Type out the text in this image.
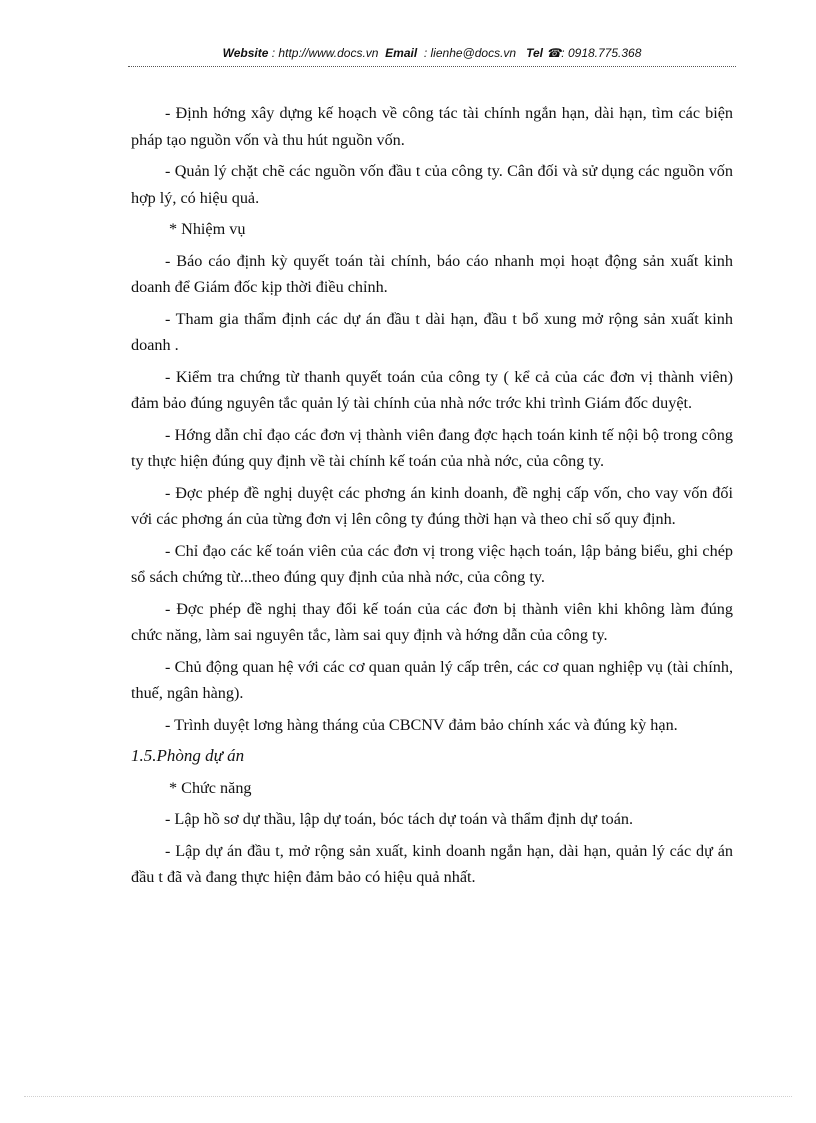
Website : http://www.docs.vn Email : lienhe@docs.vn Tel ☎: 0918.775.368

- Định hớng xây dựng kế hoạch về công tác tài chính ngắn hạn, dài hạn, tìm các biện pháp tạo nguồn vốn và thu hút nguồn vốn.

- Quản lý chặt chẽ các nguồn vốn đầu t của công ty. Cân đối và sử dụng các nguồn vốn hợp lý, có hiệu quả.

* Nhiệm vụ

- Báo cáo định kỳ quyết toán tài chính, báo cáo nhanh mọi hoạt động sản xuất kinh doanh để Giám đốc kịp thời điều chỉnh.

- Tham gia thẩm định các dự án đầu t dài hạn, đầu t bổ xung mở rộng sản xuất kinh doanh .

- Kiểm tra chứng từ thanh quyết toán của công ty ( kể cả của các đơn vị thành viên) đảm bảo đúng nguyên tắc quản lý tài chính của nhà nớc trớc khi trình Giám đốc duyệt.

- Hớng dẫn chỉ đạo các đơn vị thành viên đang đợc hạch toán kinh tế nội bộ trong công ty thực hiện đúng quy định về tài chính kế toán của nhà nớc, của công ty.

- Đợc phép đề nghị duyệt các phơng án kinh doanh, đề nghị cấp vốn, cho vay vốn đối với các phơng án của từng đơn vị lên công ty đúng thời hạn và theo chỉ số quy định.

- Chỉ đạo các kế toán viên của các đơn vị trong việc hạch toán, lập bảng biểu, ghi chép sổ sách chứng từ...theo đúng quy định của nhà nớc, của công ty.

- Đợc phép đề nghị thay đổi kế toán của các đơn bị thành viên khi không làm đúng chức năng, làm sai nguyên tắc, làm sai quy định và hớng dẫn của công ty.

- Chủ động quan hệ với các cơ quan quản lý cấp trên, các cơ quan nghiệp vụ (tài chính, thuế, ngân hàng).

- Trình duyệt lơng hàng tháng của CBCNV đảm bảo chính xác và đúng kỳ hạn.

1.5.Phòng dự án

* Chức năng

- Lập hồ sơ dự thầu, lập dự toán, bóc tách dự toán và thẩm định dự toán.

- Lập dự án đầu t, mở rộng sản xuất, kinh doanh ngắn hạn, dài hạn, quản lý các dự án đầu t đã và đang thực hiện đảm bảo có hiệu quả nhất.
